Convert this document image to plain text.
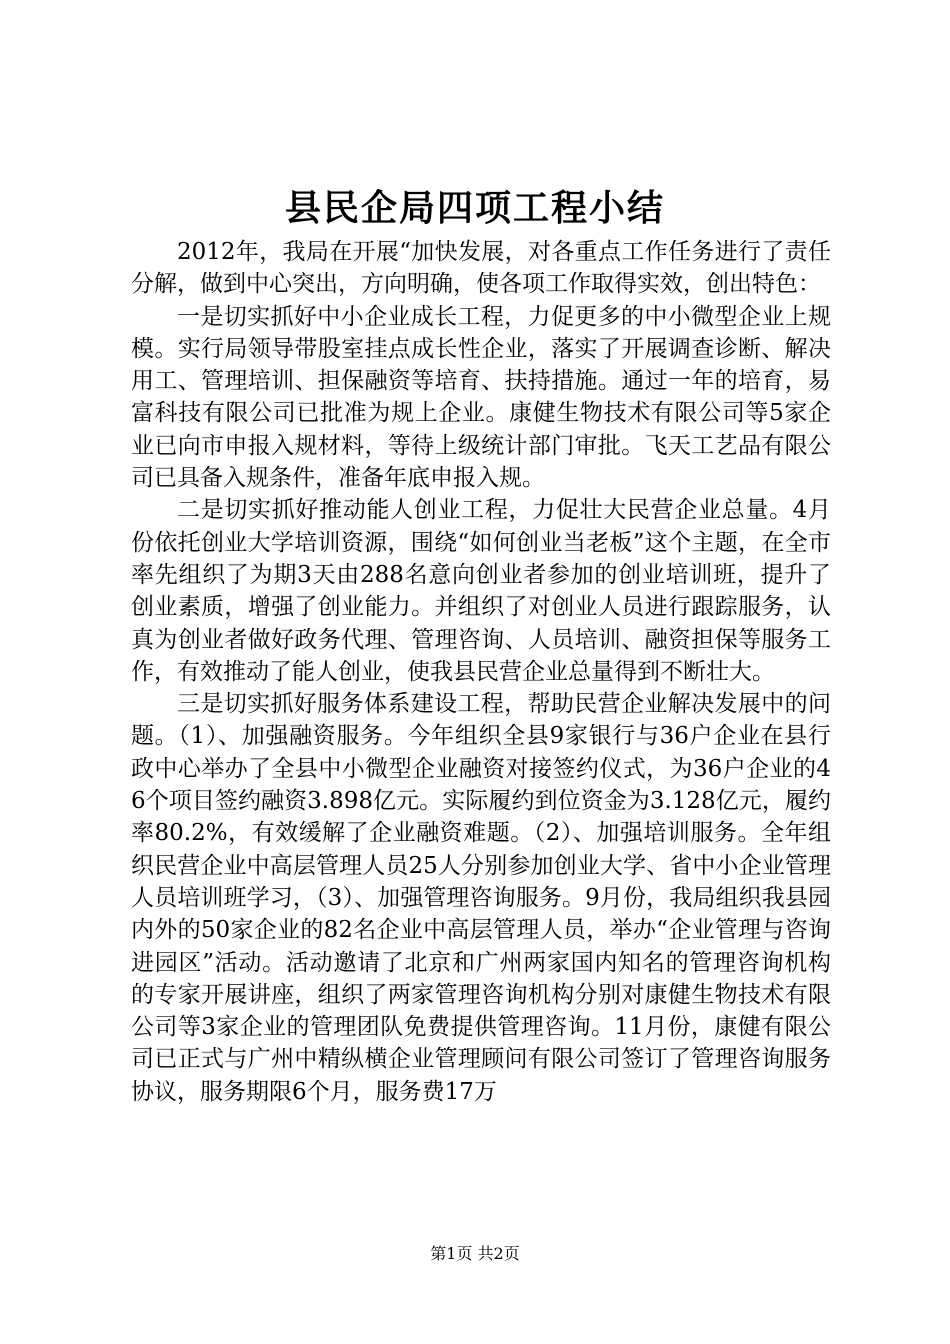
县民企局四项工程小结

2012年，我局在开展“加快发展，对各重点工作任务进行了责任分解，做到中心突出，方向明确，使各项工作取得实效，创出特色：

一是切实抓好中小企业成长工程，力促更多的中小微型企业上规模。实行局领导带股室挂点成长性企业，落实了开展调查诊断、解决用工、管理培训、担保融资等培育、扶持措施。通过一年的培育，易富科技有限公司已批准为规上企业。康健生物技术有限公司等5家企业已向市申报入规材料，等待上级统计部门审批。飞天工艺品有限公司已具备入规条件，准备年底申报入规。

二是切实抓好推动能人创业工程，力促壮大民营企业总量。4月份依托创业大学培训资源，围绕“如何创业当老板”这个主题，在全市率先组织了为期3天由288名意向创业者参加的创业培训班，提升了创业素质，增强了创业能力。并组织了对创业人员进行跟踪服务，认真为创业者做好政务代理、管理咨询、人员培训、融资担保等服务工作，有效推动了能人创业，使我县民营企业总量得到不断壮大。

三是切实抓好服务体系建设工程，帮助民营企业解决发展中的问题。（1）、加强融资服务。今年组织全县9家银行与36户企业在县行政中心举办了全县中小微型企业融资对接签约仪式，为36户企业的46个项目签约融资3.898亿元。实际履约到位资金为3.128亿元，履约率80.2%，有效缓解了企业融资难题。（2）、加强培训服务。全年组织民营企业中高层管理人员25人分别参加创业大学、省中小企业管理人员培训班学习，（3）、加强管理咨询服务。9月份，我局组织我县园内外的50家企业的82名企业中高层管理人员，举办“企业管理与咨询进园区”活动。活动邀请了北京和广州两家国内知名的管理咨询机构的专家开展讲座，组织了两家管理咨询机构分别对康健生物技术有限公司等3家企业的管理团队免费提供管理咨询。11月份，康健有限公司已正式与广州中精纵横企业管理顾问有限公司签订了管理咨询服务协议，服务期限6个月，服务费17万

第1页 共2页
